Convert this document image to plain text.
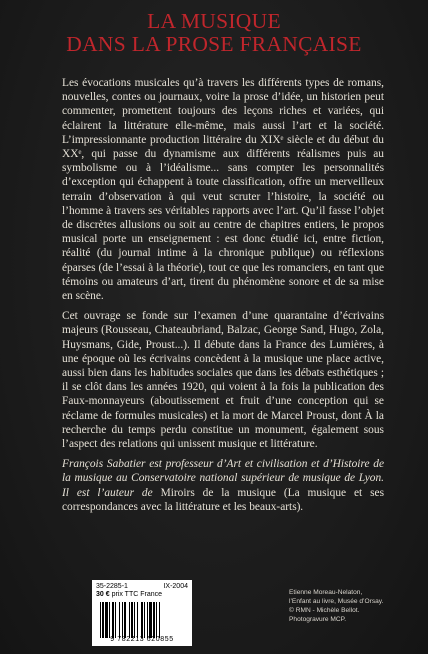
LA MUSIQUE
DANS LA PROSE FRANÇAISE

Les évocations musicales qu’à travers les différents types de romans, nouvelles, contes ou journaux, voire la prose d’idée, un historien peut commenter, promettent toujours des leçons riches et variées, qui éclairent la littérature elle-même, mais aussi l’art et la société. L’impressionnante production littéraire du XIXᵉ siècle et du début du XXᵉ, qui passe du dynamisme aux différents réalismes puis au symbolisme ou à l’idéalisme... sans compter les personnalités d’exception qui échappent à toute classification, offre un merveilleux terrain d’observation à qui veut scruter l’histoire, la société ou l’homme à travers ses véritables rapports avec l’art. Qu’il fasse l’objet de discrètes allusions ou soit au centre de chapitres entiers, le propos musical porte un enseignement : est donc étudié ici, entre fiction, réalité (du journal intime à la chronique publique) ou réflexions éparses (de l’essai à la théorie), tout ce que les romanciers, en tant que témoins ou amateurs d’art, tirent du phénomène sonore et de sa mise en scène.

Cet ouvrage se fonde sur l’examen d’une quarantaine d’écrivains majeurs (Rousseau, Chateaubriand, Balzac, George Sand, Hugo, Zola, Huysmans, Gide, Proust...). Il débute dans la France des Lumières, à une époque où les écrivains concèdent à la musique une place active, aussi bien dans les habitudes sociales que dans les débats esthétiques ; il se clôt dans les années 1920, qui voient à la fois la publication des Faux-monnayeurs (aboutissement et fruit d’une conception qui se réclame de formules musicales) et la mort de Marcel Proust, dont À la recherche du temps perdu constitue un monument, également sous l’aspect des relations qui unissent musique et littérature.

François Sabatier est professeur d’Art et civilisation et d’Histoire de la musique au Conservatoire national supérieur de musique de Lyon. Il est l’auteur de Miroirs de la musique (La musique et ses correspondances avec la littérature et les beaux-arts).

35-2285-1	IX-2004
30 € prix TTC France
9 782213 620855
Etienne Moreau-Nelaton,
l’Enfant au livre, Musée d’Orsay.
© RMN - Michèle Bellot.
Photogravure MCP.
